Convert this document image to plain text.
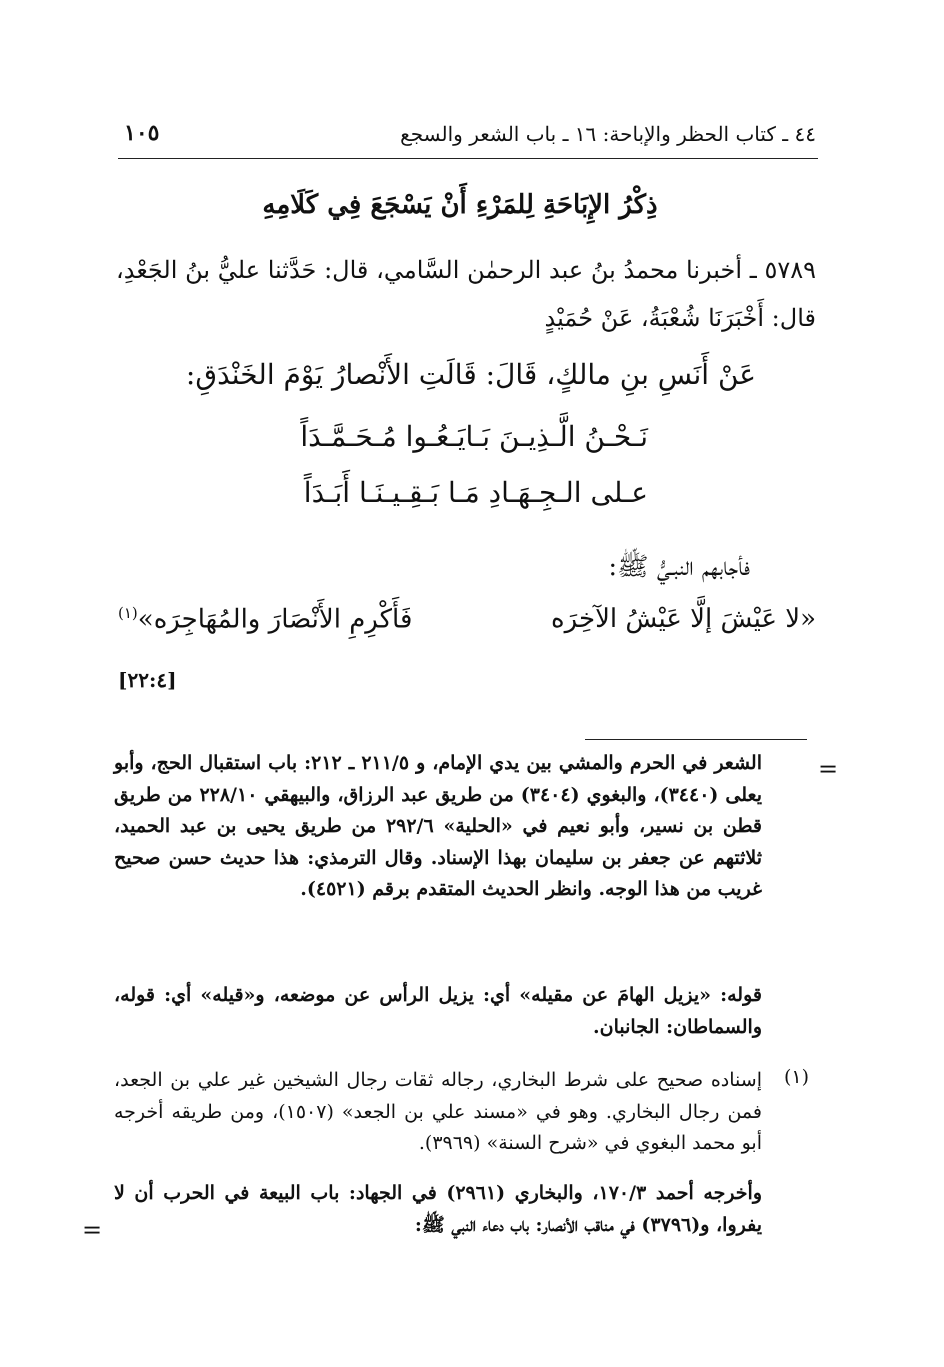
١٠٥	٤٤ ـ كتاب الحظر والإباحة: ١٦ ـ باب الشعر والسجع
ذِكْرُ الإِبَاحَةِ لِلمَرْءِ أَنْ يَسْجَعَ فِي كَلَامِهِ
٥٧٨٩ ـ أخبرنا محمدُ بنُ عبد الرحمٰن السَّامي، قال: حَدَّثنا عليُّ بنُ الجَعْدِ، قال: أَخْبَرَنَا شُعْبَةُ، عَنْ حُمَيْدٍ
عَنْ أَنَسِ بنِ مالكٍ، قَالَ: قَالَتِ الأَنْصارُ يَوْمَ الخَنْدَقِ:
نَـحْـنُ الَّـذِيـنَ بَـايَـعُـوا مُـحَـمَّـدَاً
عـلى الـجِـهَـادِ مَـا بَـقِـيـنَـا أَبَـدَاً
فأجابهم النبـيُّ ﷺ:
«لا عَيْشَ إلَّا عَيْشُ الآخِرَه
فَأَكْرِمِ الأَنْصَارَ والمُهَاجِرَه»$^{(١)}$
[٢٢:٤]
=
الشعر في الحرم والمشي بين يدي الإمام، و ٢١١/٥ ـ ٢١٢: باب استقبال الحج، وأبو يعلى (٣٤٤٠)، والبغوي (٣٤٠٤) من طريق عبد الرزاق، والبيهقي ٢٢٨/١٠ من طريق قطن بن نسير، وأبو نعيم في «الحلية» ٢٩٢/٦ من طريق يحيى بن عبد الحميد، ثلاثتهم عن جعفر بن سليمان بهذا الإسناد. وقال الترمذي: هذا حديث حسن صحيح غريب من هذا الوجه. وانظر الحديث المتقدم برقم (٤٥٢١).
قوله: «يزيل الهامَ عن مقيله» أي: يزيل الرأس عن موضعه، و«قيله» أي: قوله، والسماطان: الجانبان.
(١)
إسناده صحيح على شرط البخاري، رجاله ثقات رجال الشيخين غير علي بن الجعد، فمن رجال البخاري. وهو في «مسند علي بن الجعد» (١٥٠٧)، ومن طريقه أخرجه أبو محمد البغوي في «شرح السنة» (٣٩٦٩).
وأخرجه أحمد ١٧٠/٣، والبخاري (٢٩٦١) في الجهاد: باب البيعة في الحرب أن لا يفروا، و(٣٧٩٦) في مناقب الأنصار: باب دعاء النبي ﷺ:
=
